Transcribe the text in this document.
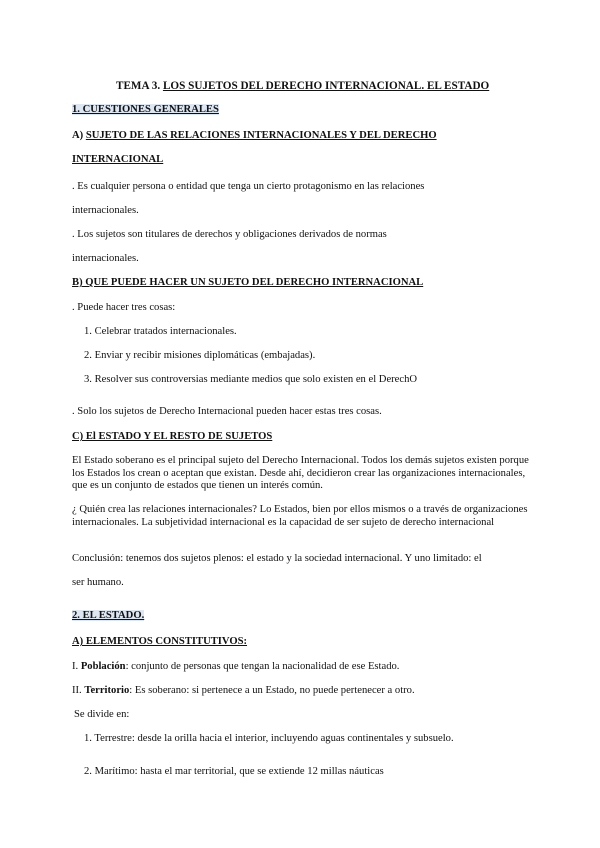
TEMA 3. LOS SUJETOS DEL DERECHO INTERNACIONAL. EL ESTADO
1. CUESTIONES GENERALES
A) SUJETO DE LAS RELACIONES INTERNACIONALES Y DEL DERECHO
INTERNACIONAL
. Es cualquier persona o entidad que tenga un cierto protagonismo en las relaciones
internacionales.
. Los sujetos son titulares de derechos y obligaciones derivados de normas
internacionales.
B) QUE PUEDE HACER UN SUJETO DEL DERECHO INTERNACIONAL
. Puede hacer tres cosas:
1. Celebrar tratados internacionales.
2. Enviar y recibir misiones diplomáticas (embajadas).
3. Resolver sus controversias mediante medios que solo existen en el DerechO
. Solo los sujetos de Derecho Internacional pueden hacer estas tres cosas.
C) El ESTADO Y EL RESTO DE SUJETOS
El Estado soberano es el principal sujeto del Derecho Internacional. Todos los demás sujetos existen porque los Estados los crean o aceptan que existan. Desde ahí, decidieron crear las organizaciones internacionales, que es un conjunto de estados que tienen un interés común.
¿ Quién crea las relaciones internacionales? Lo Estados, bien por ellos mismos o a través de organizaciones internacionales. La subjetividad internacional es la capacidad de ser sujeto de derecho internacional
Conclusión: tenemos dos sujetos plenos: el estado y la sociedad internacional. Y uno limitado: el
ser humano.
2. EL ESTADO.
A) ELEMENTOS CONSTITUTIVOS:
I. Población: conjunto de personas que tengan la nacionalidad de ese Estado.
II. Territorio: Es soberano: si pertenece a un Estado, no puede pertenecer a otro.
Se divide en:
1. Terrestre: desde la orilla hacia el interior, incluyendo aguas continentales y subsuelo.
2. Marítimo: hasta el mar territorial, que se extiende 12 millas náuticas
